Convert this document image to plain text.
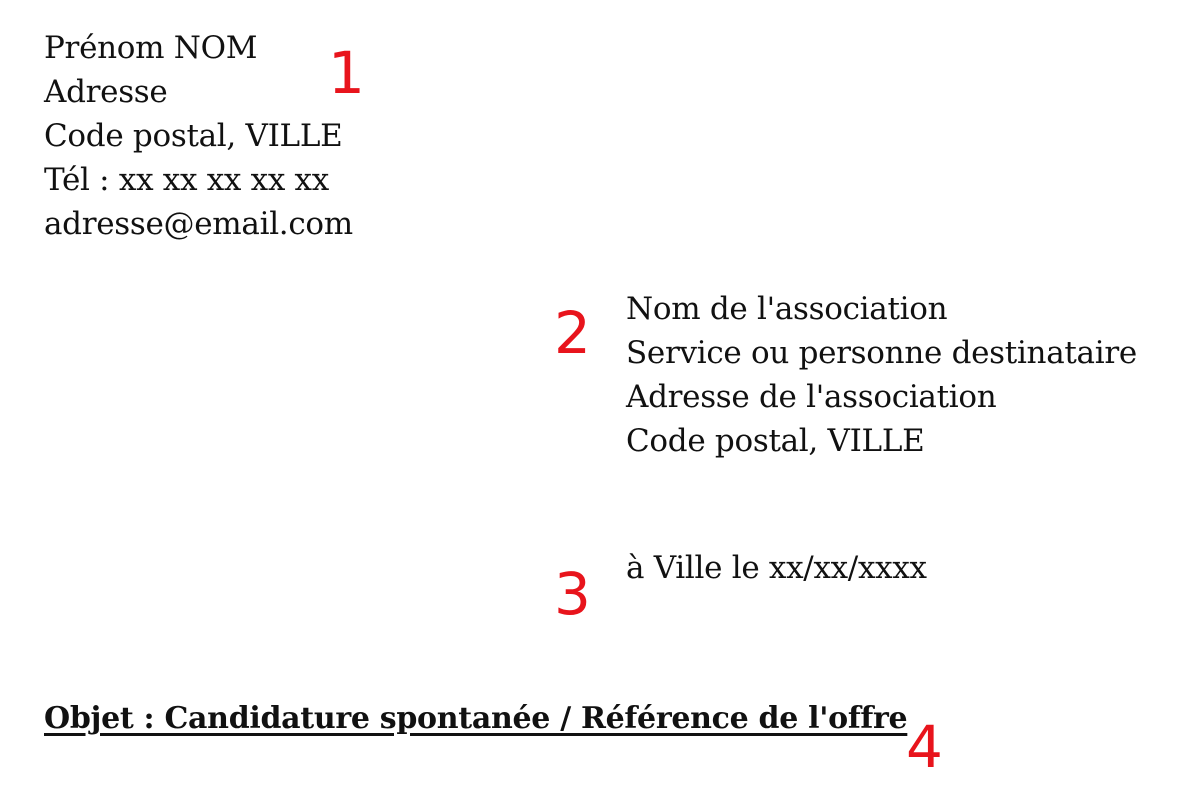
Prénom NOM
Adresse
Code postal, VILLE
Tél : xx xx xx xx xx
adresse@email.com
Nom de l'association
Service ou personne destinataire
Adresse de l'association
Code postal, VILLE
à Ville le xx/xx/xxxx
Objet : Candidature spontanée / Référence de l'offre
1
2
3
4
